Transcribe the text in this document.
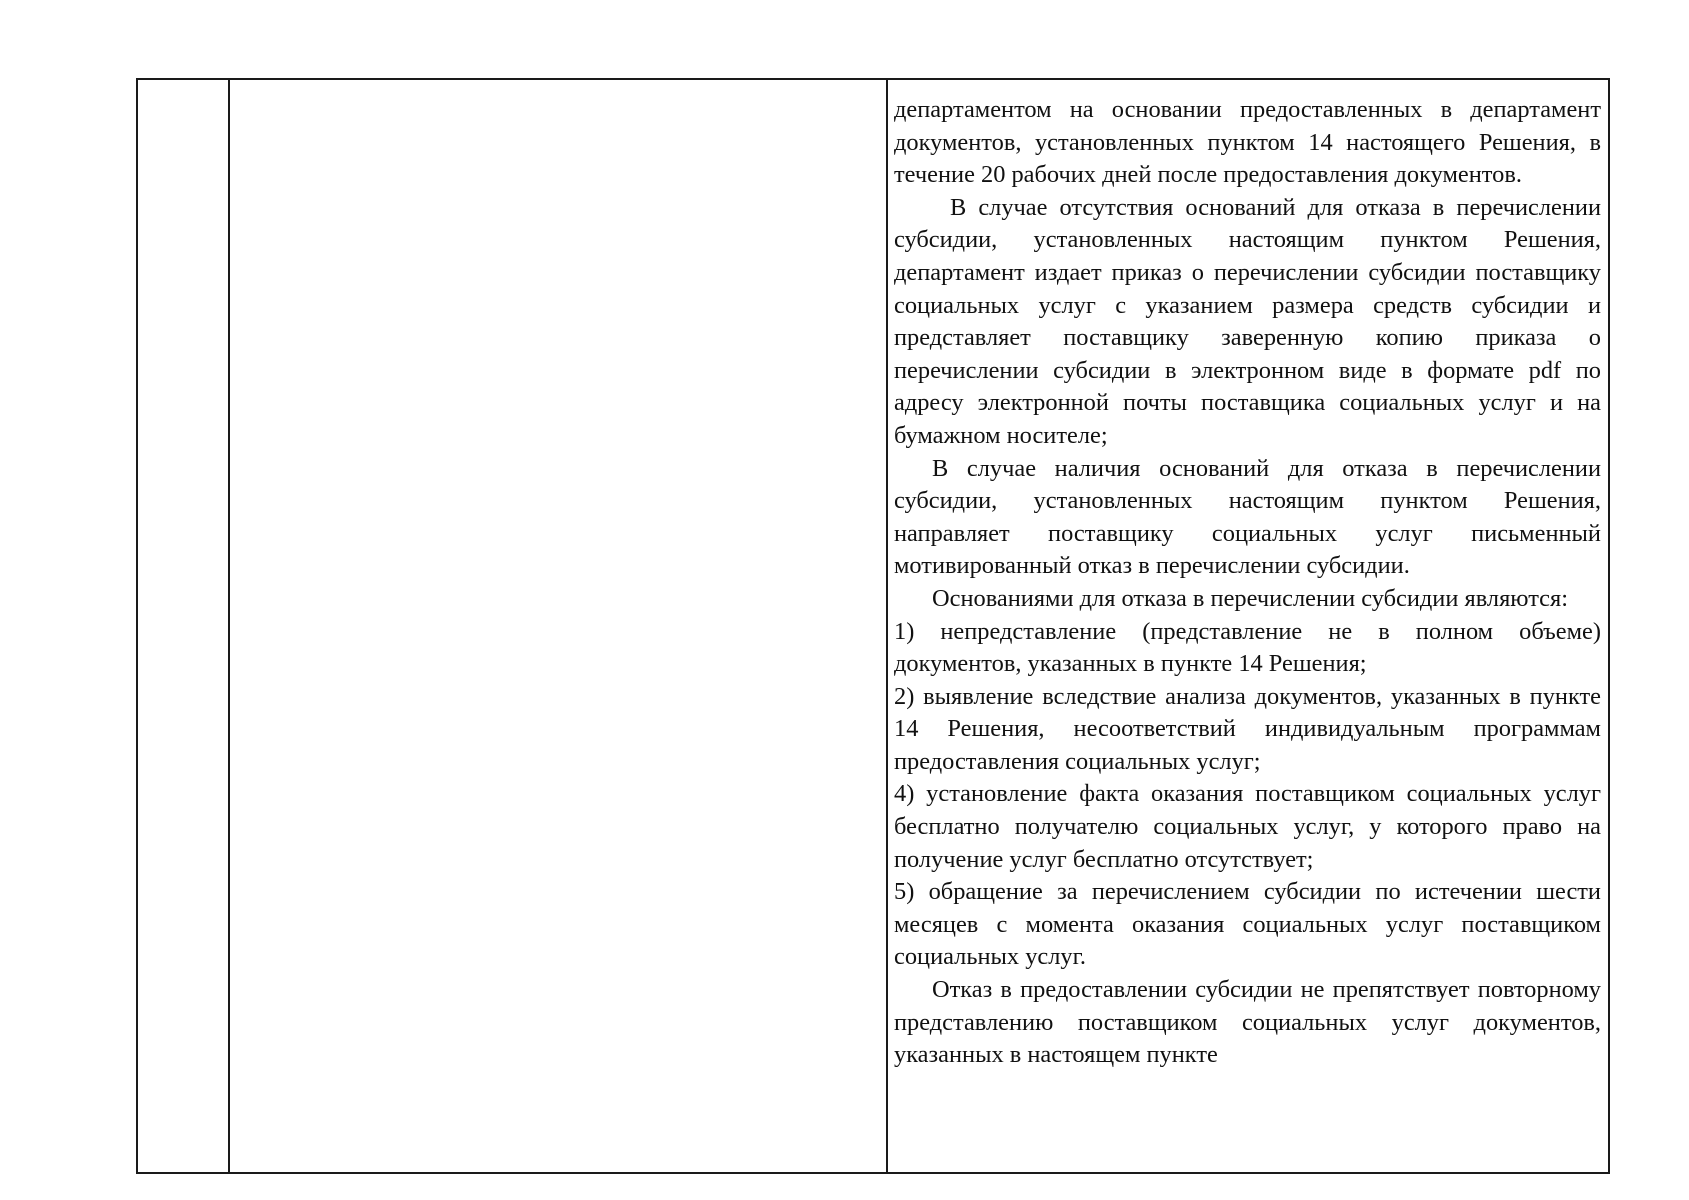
департаментом на основании предоставленных в департамент документов, установленных пунктом 14 настоящего Решения, в течение 20 рабочих дней после предоставления документов.

В случае отсутствия оснований для отказа в перечислении субсидии, установленных настоящим пунктом Решения, департамент издает приказ о перечислении субсидии поставщику социальных услуг с указанием размера средств субсидии и представляет поставщику заверенную копию приказа о перечислении субсидии в электронном виде в формате pdf по адресу электронной почты поставщика социальных услуг и на бумажном носителе;

В случае наличия оснований для отказа в перечислении субсидии, установленных настоящим пунктом Решения, направляет поставщику социальных услуг письменный мотивированный отказ в перечислении субсидии.

Основаниями для отказа в перечислении субсидии являются:

1) непредставление (представление не в полном объеме) документов, указанных в пункте 14 Решения;

2) выявление вследствие анализа документов, указанных в пункте 14 Решения, несоответствий индивидуальным программам предоставления социальных услуг;

4) установление факта оказания поставщиком социальных услуг бесплатно получателю социальных услуг, у которого право на получение услуг бесплатно отсутствует;

5) обращение за перечислением субсидии по истечении шести месяцев с момента оказания социальных услуг поставщиком социальных услуг.

Отказ в предоставлении субсидии не препятствует повторному представлению поставщиком социальных услуг документов, указанных в настоящем пункте
